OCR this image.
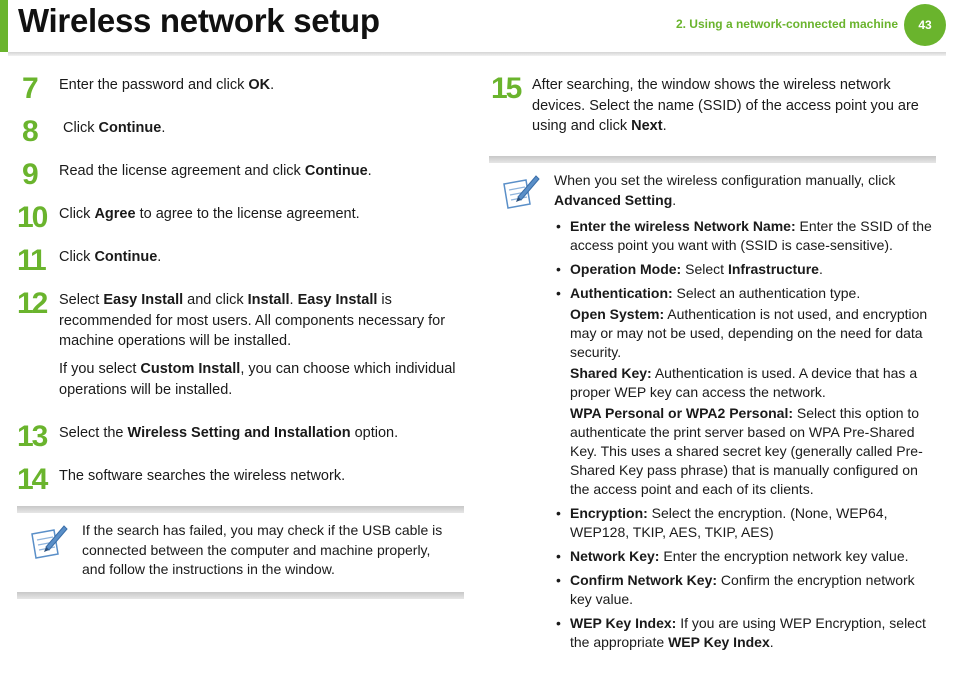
Wireless network setup	2. Using a network-connected machine	43
7 Enter the password and click OK.
8 Click Continue.
9 Read the license agreement and click Continue.
10 Click Agree to agree to the license agreement.
11 Click Continue.
12 Select Easy Install and click Install. Easy Install is recommended for most users. All components necessary for machine operations will be installed.
If you select Custom Install, you can choose which individual operations will be installed.
13 Select the Wireless Setting and Installation option.
14 The software searches the wireless network.
If the search has failed, you may check if the USB cable is connected between the computer and machine properly, and follow the instructions in the window.
15 After searching, the window shows the wireless network devices. Select the name (SSID) of the access point you are using and click Next.
When you set the wireless configuration manually, click Advanced Setting.
• Enter the wireless Network Name: Enter the SSID of the access point you want with (SSID is case-sensitive).
• Operation Mode: Select Infrastructure.
• Authentication: Select an authentication type.
Open System: Authentication is not used, and encryption may or may not be used, depending on the need for data security.
Shared Key: Authentication is used. A device that has a proper WEP key can access the network.
WPA Personal or WPA2 Personal: Select this option to authenticate the print server based on WPA Pre-Shared Key. This uses a shared secret key (generally called Pre-Shared Key pass phrase) that is manually configured on the access point and each of its clients.
• Encryption: Select the encryption. (None, WEP64, WEP128, TKIP, AES, TKIP, AES)
• Network Key: Enter the encryption network key value.
• Confirm Network Key: Confirm the encryption network key value.
• WEP Key Index: If you are using WEP Encryption, select the appropriate WEP Key Index.
